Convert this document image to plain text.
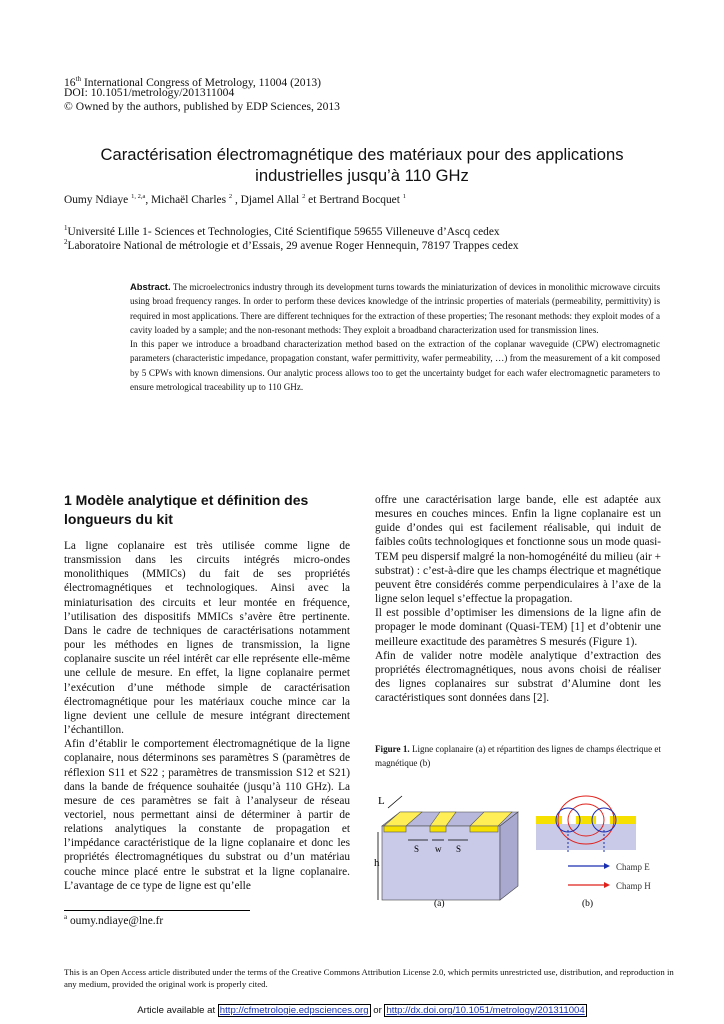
16th International Congress of Metrology, 11004 (2013)
DOI: 10.1051/metrology/201311004
© Owned by the authors, published by EDP Sciences, 2013
Caractérisation électromagnétique des matériaux pour des applications
industrielles jusqu’à 110 GHz
Oumy Ndiaye $^{1, 2,a}$, Michaël Charles $^2$ , Djamel Allal $^2$ et Bertrand Bocquet $^1$
$^1$Université Lille 1- Sciences et Technologies, Cité Scientifique 59655 Villeneuve d’Ascq cedex
$^2$Laboratoire National de métrologie et d’Essais, 29 avenue Roger Hennequin, 78197 Trappes cedex

Abstract. The microelectronics industry through its development turns towards the miniaturization of devices in monolithic microwave circuits using broad frequency ranges. In order to perform these devices knowledge of the intrinsic properties of materials (permeability, permittivity) is required in most applications. There are different techniques for the extraction of these properties; The resonant methods: they exploit modes of a cavity loaded by a sample; and the non-resonant methods: They exploit a broadband characterization used for transmission lines.

In this paper we introduce a broadband characterization method based on the extraction of the coplanar waveguide (CPW) electromagnetic parameters (characteristic impedance, propagation constant, wafer permittivity, wafer permeability, …) from the measurement of a kit composed by 5 CPWs with known dimensions. Our analytic process allows too to get the uncertainty budget for each wafer electromagnetic parameters to ensure metrological traceability up to 110 GHz.

1 Modèle analytique et définition des longueurs du kit

La ligne coplanaire est très utilisée comme ligne de transmission dans les circuits intégrés micro-ondes monolithiques (MMICs) du fait de ses propriétés électromagnétiques et technologiques. Ainsi avec la miniaturisation des circuits et leur montée en fréquence, l’utilisation des dispositifs MMICs s’avère être pertinente. Dans le cadre de techniques de caractérisations notamment pour les méthodes en lignes de transmission, la ligne coplanaire suscite un réel intérêt car elle représente elle-même une cellule de mesure. En effet, la ligne coplanaire permet l’exécution d’une méthode simple de caractérisation électromagnétique pour les matériaux couche mince car la ligne devient une cellule de mesure intégrant directement l’échantillon.

Afin d’établir le comportement électromagnétique de la ligne coplanaire, nous déterminons ses paramètres S (paramètres de réflexion S11 et S22 ; paramètres de transmission S12 et S21) dans la bande de fréquence souhaitée (jusqu’à 110 GHz). La mesure de ces paramètres se fait à l’analyseur de réseau vectoriel, nous permettant ainsi de déterminer à partir de relations analytiques la constante de propagation et l’impédance caractéristique de la ligne coplanaire et donc les propriétés électromagnétiques du substrat ou d’un matériau couche mince placé entre le substrat et la ligne coplanaire. L’avantage de ce type de ligne est qu’elle

offre une caractérisation large bande, elle est adaptée aux mesures en couches minces. Enfin la ligne coplanaire est un guide d’ondes qui est facilement réalisable, qui induit de faibles coûts technologiques et fonctionne sous un mode quasi-TEM peu dispersif malgré la non-homogénéité du milieu (air + substrat) : c’est-à-dire que les champs électrique et magnétique peuvent être considérés comme perpendiculaires à l’axe de la ligne selon lequel s’effectue la propagation.

Il est possible d’optimiser les dimensions de la ligne afin de propager le mode dominant (Quasi-TEM) [1] et d’obtenir une meilleure exactitude des paramètres S mesurés (Figure 1).

Afin de valider notre modèle analytique d’extraction des propriétés électromagnétiques, nous avons choisi de réaliser des lignes coplanaires sur substrat d’Alumine dont les caractéristiques sont données dans [2].

Figure 1. Ligne coplanaire (a) et répartition des lignes de champs électrique et magnétique (b)
L
h
S w S
(a)
Champ E
Champ H
(b)
$^a$ oumy.ndiaye@lne.fr
This is an Open Access article distributed under the terms of the Creative Commons Attribution License 2.0, which permits unrestricted use, distribution, and reproduction in any medium, provided the original work is properly cited.
Article available at http://cfmetrologie.edpsciences.org or http://dx.doi.org/10.1051/metrology/201311004
